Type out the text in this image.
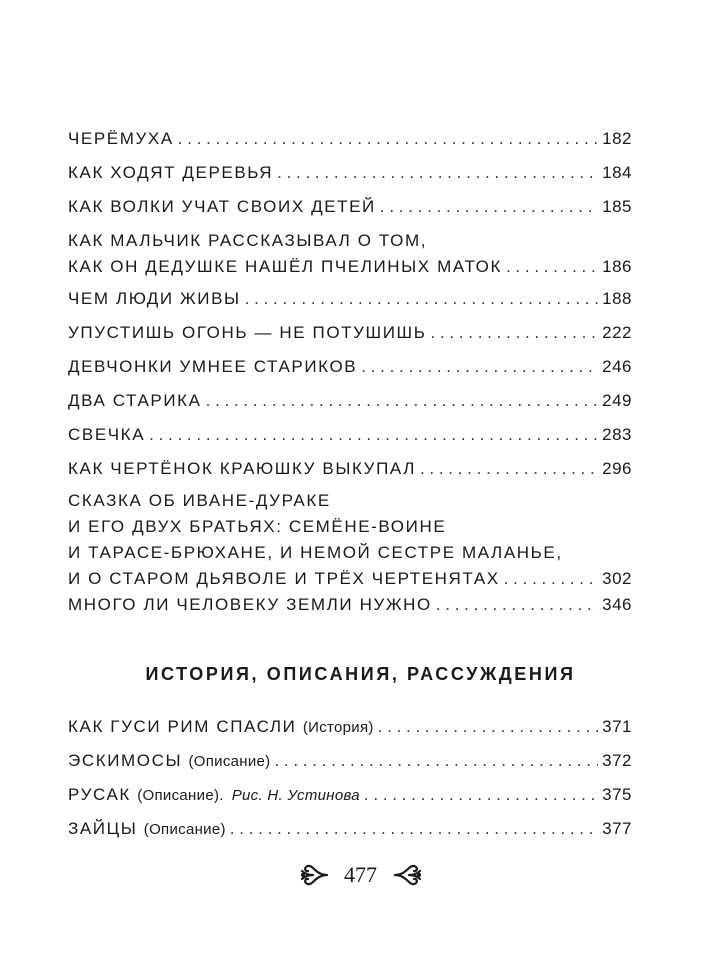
ЧЕРЁМУХА . . .	182
КАК ХОДЯТ ДЕРЕВЬЯ . . .	184
КАК ВОЛКИ УЧАТ СВОИХ ДЕТЕЙ . . .	185
КАК МАЛЬЧИК РАССКАЗЫВАЛ О ТОМ,
КАК ОН ДЕДУШКЕ НАШЁЛ ПЧЕЛИНЫХ МАТОК . . .	186
ЧЕМ ЛЮДИ ЖИВЫ . . .	188
УПУСТИШЬ ОГОНЬ — НЕ ПОТУШИШЬ . . .	222
ДЕВЧОНКИ УМНЕЕ СТАРИКОВ . . .	246
ДВА СТАРИКА . . .	249
СВЕЧКА . . .	283
КАК ЧЕРТЁНОК КРАЮШКУ ВЫКУПАЛ . . .	296
СКАЗКА ОБ ИВАНЕ-ДУРАКЕ
И ЕГО ДВУХ БРАТЬЯХ: СЕМЁНЕ-ВОИНЕ
И ТАРАСЕ-БРЮХАНЕ, И НЕМОЙ СЕСТРЕ МАЛАНЬЕ,
И О СТАРОМ ДЬЯВОЛЕ И ТРЁХ ЧЕРТЕНЯТАХ . . .	302
МНОГО ЛИ ЧЕЛОВЕКУ ЗЕМЛИ НУЖНО . . .	346
КАК ГУСИ РИМ СПАСЛИ
(История) . . .	371
ЭСКИМОСЫ
(Описание) . . .	372
РУСАК
(Описание). Рис. Н. Устинова . . .	375
ЗАЙЦЫ
(Описание) . . .	377
ИСТОРИЯ, ОПИСАНИЯ, РАССУЖДЕНИЯ
477
